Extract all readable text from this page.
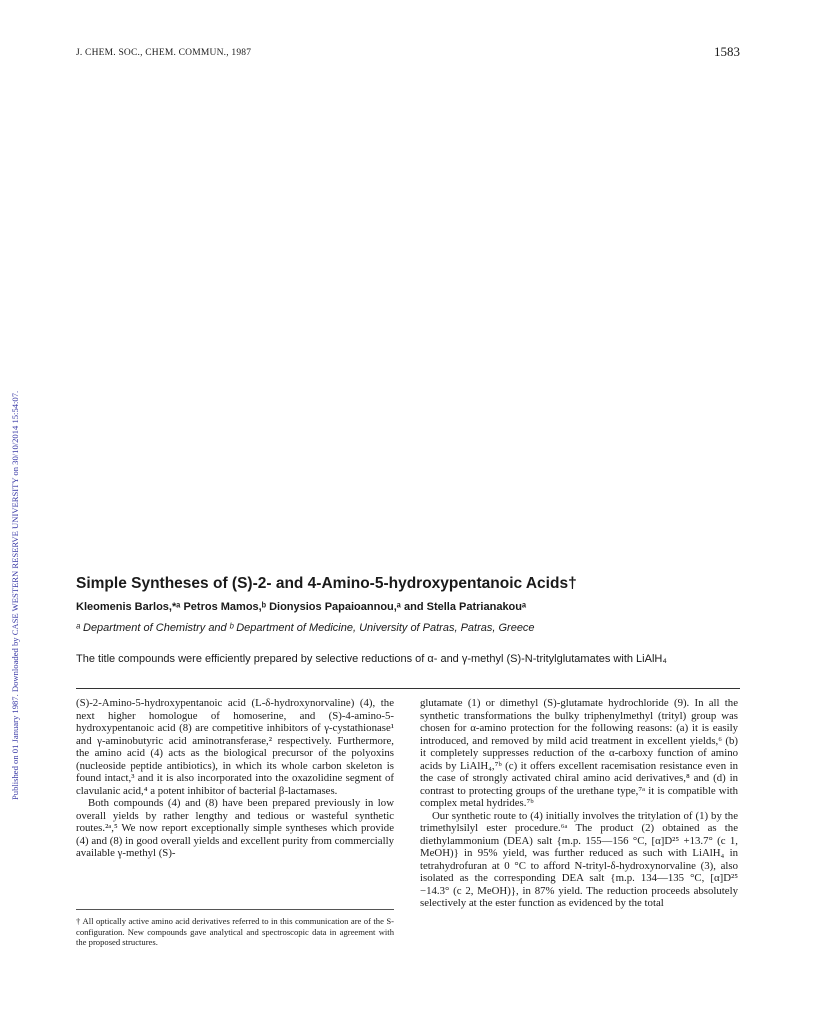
J. CHEM. SOC., CHEM. COMMUN., 1987	1583
Published on 01 January 1987. Downloaded by CASE WESTERN RESERVE UNIVERSITY on 30/10/2014 15:54:07.	Simple Syntheses of (S)-2- and 4-Amino-5-hydroxypentanoic Acids†
Kleomenis Barlos,*ᵃ Petros Mamos,ᵇ Dionysios Papaioannou,ᵃ and Stella Patrianakouᵃ
ᵃ Department of Chemistry and ᵇ Department of Medicine, University of Patras, Patras, Greece
The title compounds were efficiently prepared by selective reductions of α- and γ-methyl (S)-N-tritylglutamates with LiAlH₄

(S)-2-Amino-5-hydroxypentanoic acid (L-δ-hydroxynorvaline) (4), the next higher homologue of homoserine, and (S)-4-amino-5-hydroxypentanoic acid (8) are competitive inhibitors of γ-cystathionase¹ and γ-aminobutyric acid aminotransferase,² respectively. Furthermore, the amino acid (4) acts as the biological precursor of the polyoxins (nucleoside peptide antibiotics), in which its whole carbon skeleton is found intact,³ and it is also incorporated into the oxazolidine segment of clavulanic acid,⁴ a potent inhibitor of bacterial β-lactamases.

Both compounds (4) and (8) have been prepared previously in low overall yields by rather lengthy and tedious or wasteful synthetic routes.²ᵃ,⁵ We now report exceptionally simple syntheses which provide (4) and (8) in good overall yields and excellent purity from commercially available γ-methyl (S)-

glutamate (1) or dimethyl (S)-glutamate hydrochloride (9). In all the synthetic transformations the bulky triphenylmethyl (trityl) group was chosen for α-amino protection for the following reasons: (a) it is easily introduced, and removed by mild acid treatment in excellent yields,⁶ (b) it completely suppresses reduction of the α-carboxy function of amino acids by LiAlH₄,⁷ᵇ (c) it offers excellent racemisation resistance even in the case of strongly activated chiral amino acid derivatives,⁸ and (d) in contrast to protecting groups of the urethane type,⁷ᵃ it is compatible with complex metal hydrides.⁷ᵇ

Our synthetic route to (4) initially involves the tritylation of (1) by the trimethylsilyl ester procedure.⁶ᵃ The product (2) obtained as the diethylammonium (DEA) salt {m.p. 155—156 °C, [α]D²⁵ +13.7° (c 1, MeOH)} in 95% yield, was further reduced as such with LiAlH₄ in tetrahydrofuran at 0 °C to afford N-trityl-δ-hydroxynorvaline (3), also isolated as the corresponding DEA salt {m.p. 134—135 °C, [α]D²⁵ −14.3° (c 2, MeOH)}, in 87% yield. The reduction proceeds absolutely selectively at the ester function as evidenced by the total

† All optically active amino acid derivatives referred to in this communication are of the S-configuration. New compounds gave analytical and spectroscopic data in agreement with the proposed structures.
